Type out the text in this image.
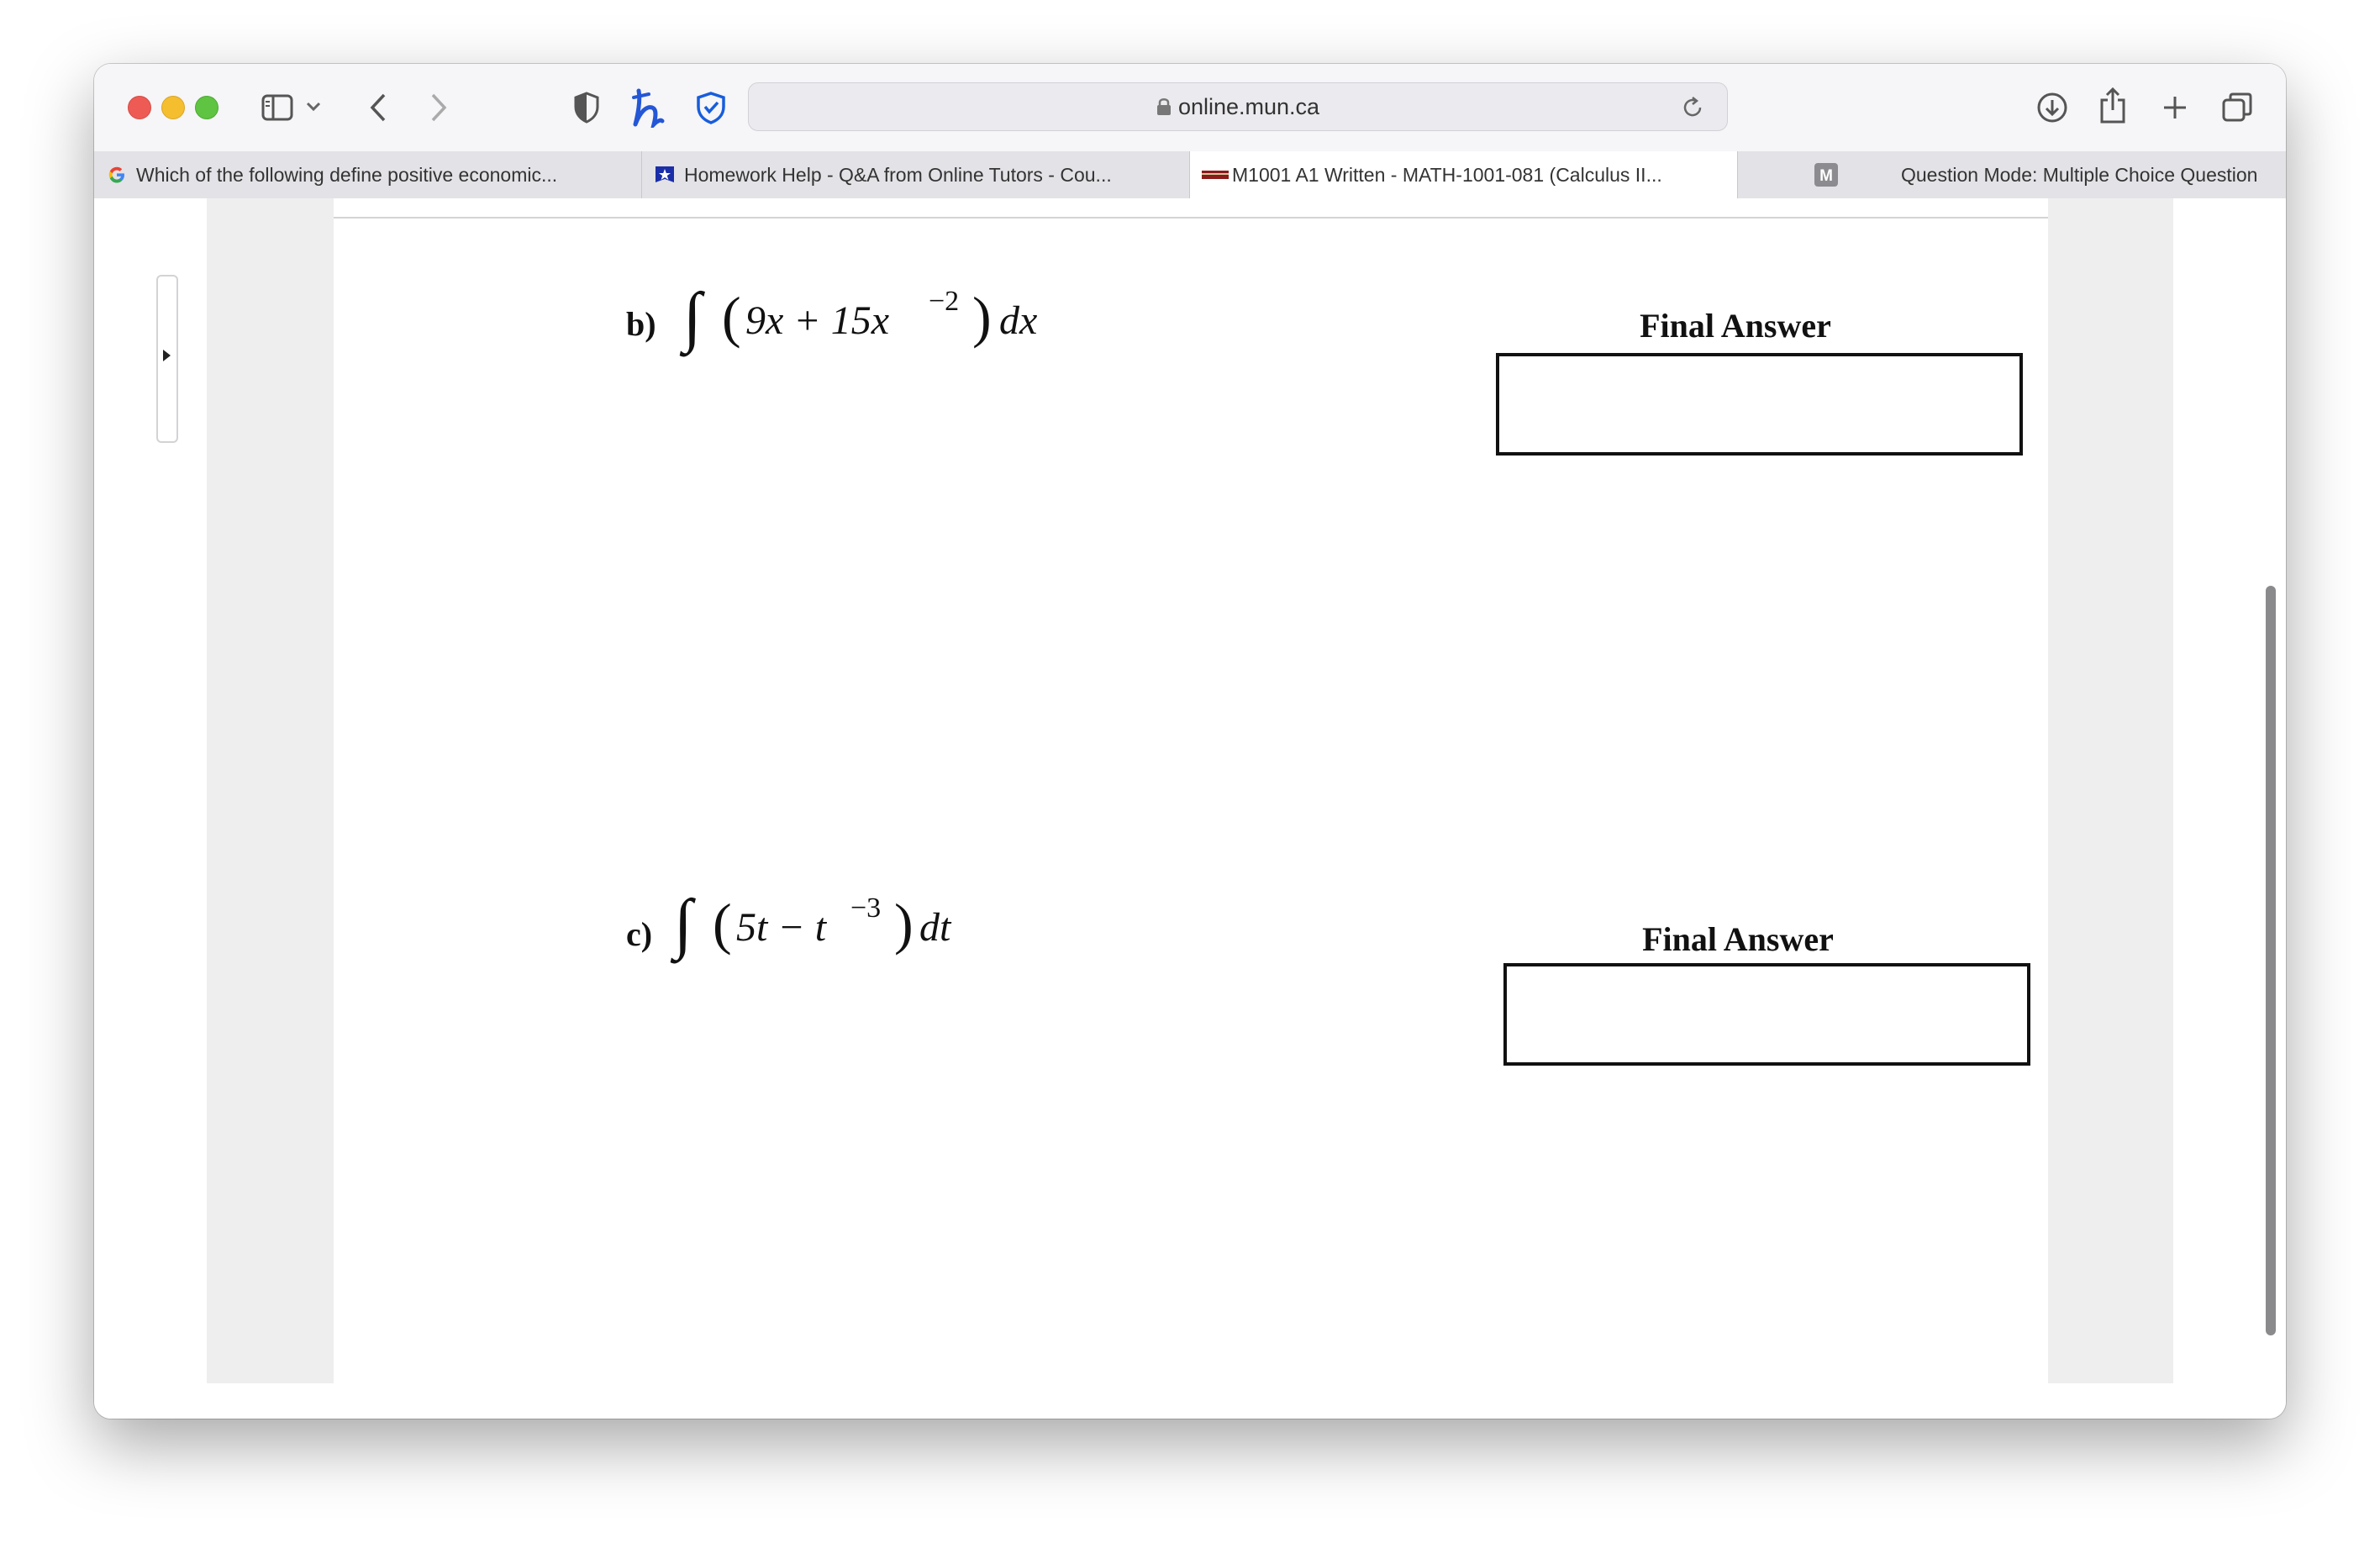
online.mun.ca
Which of the following define positive economic...	Homework Help - Q&A from Online Tutors - Cou...	M1001 A1 Written - MATH-1001-081 (Calculus II...	M	Question Mode: Multiple Choice Question
b) ∫ ( 9x + 15x −2 ) dx	Final Answer
c) ∫ ( 5t − t −3 ) dt	Final Answer
